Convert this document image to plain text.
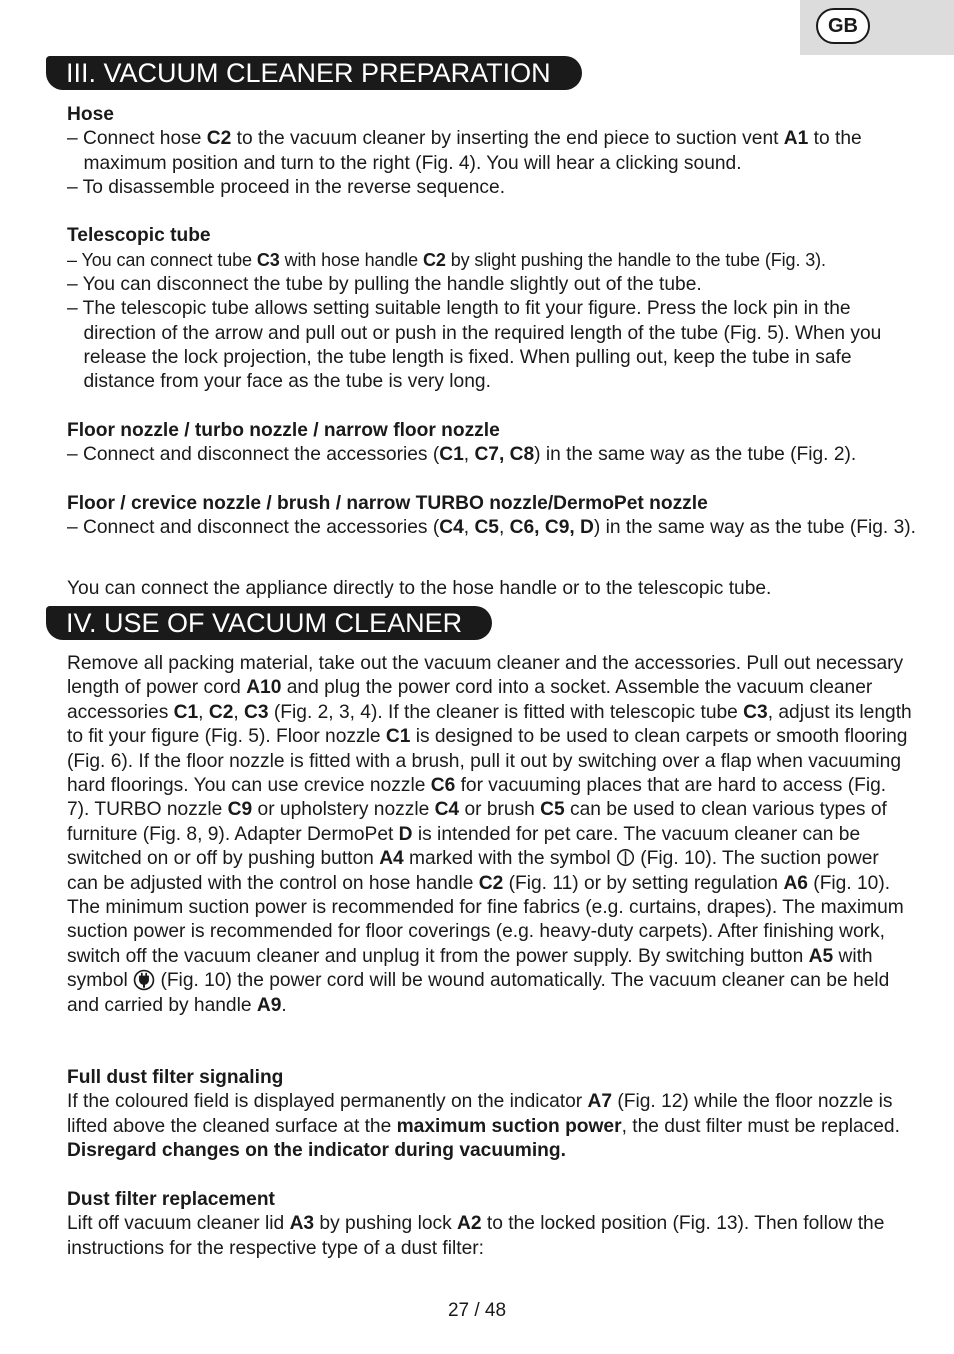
GB
III. VACUUM CLEANER PREPARATION

Hose

– Connect hose C2 to the vacuum cleaner by inserting the end piece to suction vent A1 to the maximum position and turn to the right (Fig. 4). You will hear a clicking sound.

– To disassemble proceed in the reverse sequence.

Telescopic tube

– You can connect tube C3 with hose handle C2 by slight pushing the handle to the tube (Fig. 3).

– You can disconnect the tube by pulling the handle slightly out of the tube.

– The telescopic tube allows setting suitable length to fit your figure. Press the lock pin in the direction of the arrow and pull out or push in the required length of the tube (Fig. 5). When you release the lock projection, the tube length is fixed. When pulling out, keep the tube in safe distance from your face as the tube is very long.

Floor nozzle / turbo nozzle / narrow floor nozzle

– Connect and disconnect the accessories (C1, C7, C8) in the same way as the tube (Fig. 2).

Floor / crevice nozzle / brush / narrow TURBO nozzle/DermoPet nozzle

– Connect and disconnect the accessories (C4, C5, C6, C9, D) in the same way as the tube (Fig. 3).

You can connect the appliance directly to the hose handle or to the telescopic tube.

IV. USE OF VACUUM CLEANER

Remove all packing material, take out the vacuum cleaner and the accessories. Pull out necessary length of power cord A10 and plug the power cord into a socket. Assemble the vacuum cleaner accessories C1, C2, C3 (Fig. 2, 3, 4). If the cleaner is fitted with telescopic tube C3, adjust its length to fit your figure (Fig. 5). Floor nozzle C1 is designed to be used to clean carpets or smooth flooring (Fig. 6). If the floor nozzle is fitted with a brush, pull it out by switching over a flap when vacuuming hard floorings. You can use crevice nozzle C6 for vacuuming places that are hard to access (Fig. 7). TURBO nozzle C9 or upholstery nozzle C4 or brush C5 can be used to clean various types of furniture (Fig. 8, 9). Adapter DermoPet D is intended for pet care. The vacuum cleaner can be switched on or off by pushing button A4 marked with the symbol  (Fig. 10). The suction power can be adjusted with the control on hose handle C2 (Fig. 11) or by setting regulation A6 (Fig. 10). The minimum suction power is recommended for fine fabrics (e.g. curtains, drapes). The maximum suction power is recommended for floor coverings (e.g. heavy-duty carpets). After finishing work, switch off the vacuum cleaner and unplug it from the power supply. By switching button A5 with symbol  (Fig. 10) the power cord will be wound automatically. The vacuum cleaner can be held and carried by handle A9.

Full dust filter signaling

If the coloured field is displayed permanently on the indicator A7 (Fig. 12) while the floor nozzle is lifted above the cleaned surface at the maximum suction power, the dust filter must be replaced. Disregard changes on the indicator during vacuuming.

Dust filter replacement

Lift off vacuum cleaner lid A3 by pushing lock A2 to the locked position (Fig. 13). Then follow the instructions for the respective type of a dust filter:

27 / 48
